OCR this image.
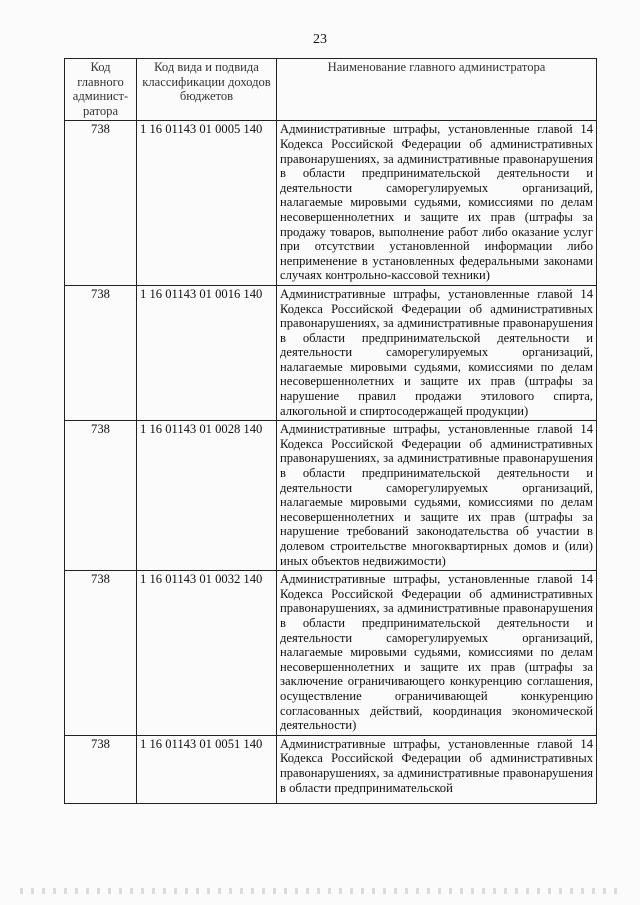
23
Код главного админист-ратора	Код вида и подвида классификации доходов бюджетов	Наименование главного администратора
738	1 16 01143 01 0005 140	Административные штрафы, установленные главой 14 Кодекса Российской Федерации об административных правонарушениях, за административные правонарушения в области предпринимательской деятельности и деятельности саморегулируемых организаций, налагаемые мировыми судьями, комиссиями по делам несовершеннолетних и защите их прав (штрафы за продажу товаров, выполнение работ либо оказание услуг при отсутствии установленной информации либо неприменение в установленных федеральными законами случаях контрольно-кассовой техники)
738	1 16 01143 01 0016 140	Административные штрафы, установленные главой 14 Кодекса Российской Федерации об административных правонарушениях, за административные правонарушения в области предпринимательской деятельности и деятельности саморегулируемых организаций, налагаемые мировыми судьями, комиссиями по делам несовершеннолетних и защите их прав (штрафы за нарушение правил продажи этилового спирта, алкогольной и спиртосодержащей продукции)
738	1 16 01143 01 0028 140	Административные штрафы, установленные главой 14 Кодекса Российской Федерации об административных правонарушениях, за административные правонарушения в области предпринимательской деятельности и деятельности саморегулируемых организаций, налагаемые мировыми судьями, комиссиями по делам несовершеннолетних и защите их прав (штрафы за нарушение требований законодательства об участии в долевом строительстве многоквартирных домов и (или) иных объектов недвижимости)
738	1 16 01143 01 0032 140	Административные штрафы, установленные главой 14 Кодекса Российской Федерации об административных правонарушениях, за административные правонарушения в области предпринимательской деятельности и деятельности саморегулируемых организаций, налагаемые мировыми судьями, комиссиями по делам несовершеннолетних и защите их прав (штрафы за заключение ограничивающего конкуренцию соглашения, осуществление ограничивающей конкуренцию согласованных действий, координация экономической деятельности)
738	1 16 01143 01 0051 140	Административные штрафы, установленные главой 14 Кодекса Российской Федерации об административных правонарушениях, за административные правонарушения в области предпринимательской
